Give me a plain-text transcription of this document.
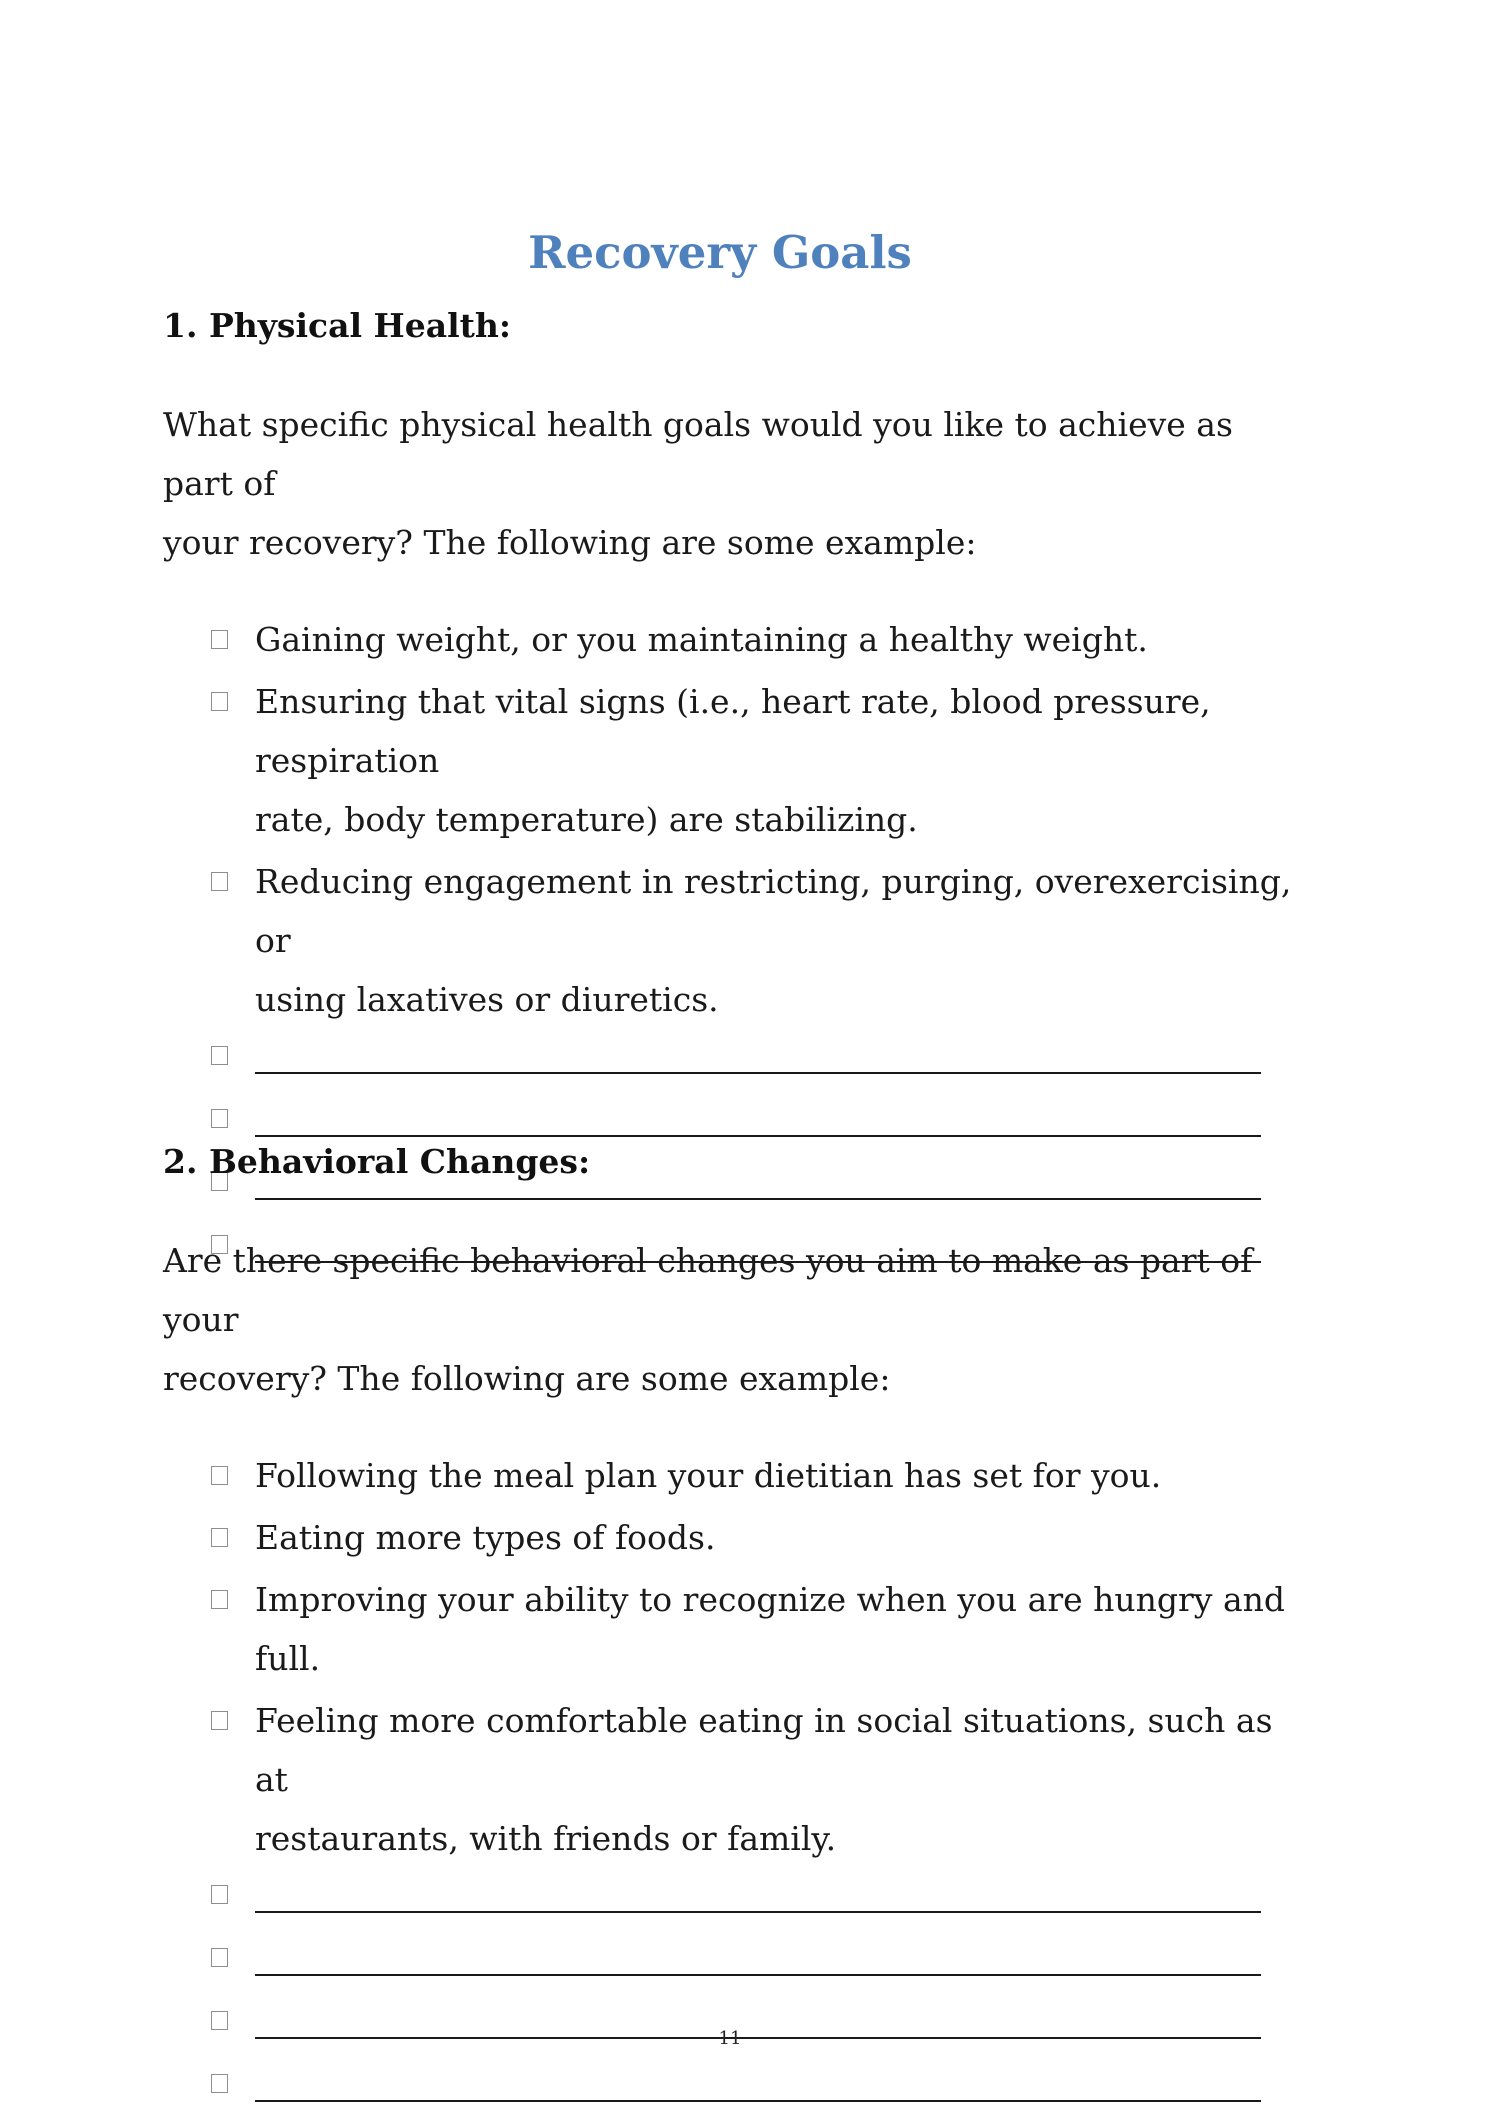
Recovery Goals
1. Physical Health:

What specific physical health goals would you like to achieve as part of
your recovery? The following are some example:

Gaining weight, or you maintaining a healthy weight.
Ensuring that vital signs (i.e., heart rate, blood pressure, respiration
rate, body temperature) are stabilizing.
Reducing engagement in restricting, purging, overexercising, or
using laxatives or diuretics.
2. Behavioral Changes:

Are there specific behavioral changes you aim to make as part of your
recovery? The following are some example:

Following the meal plan your dietitian has set for you.
Eating more types of foods.
Improving your ability to recognize when you are hungry and full.
Feeling more comfortable eating in social situations, such as at
restaurants, with friends or family.
11
